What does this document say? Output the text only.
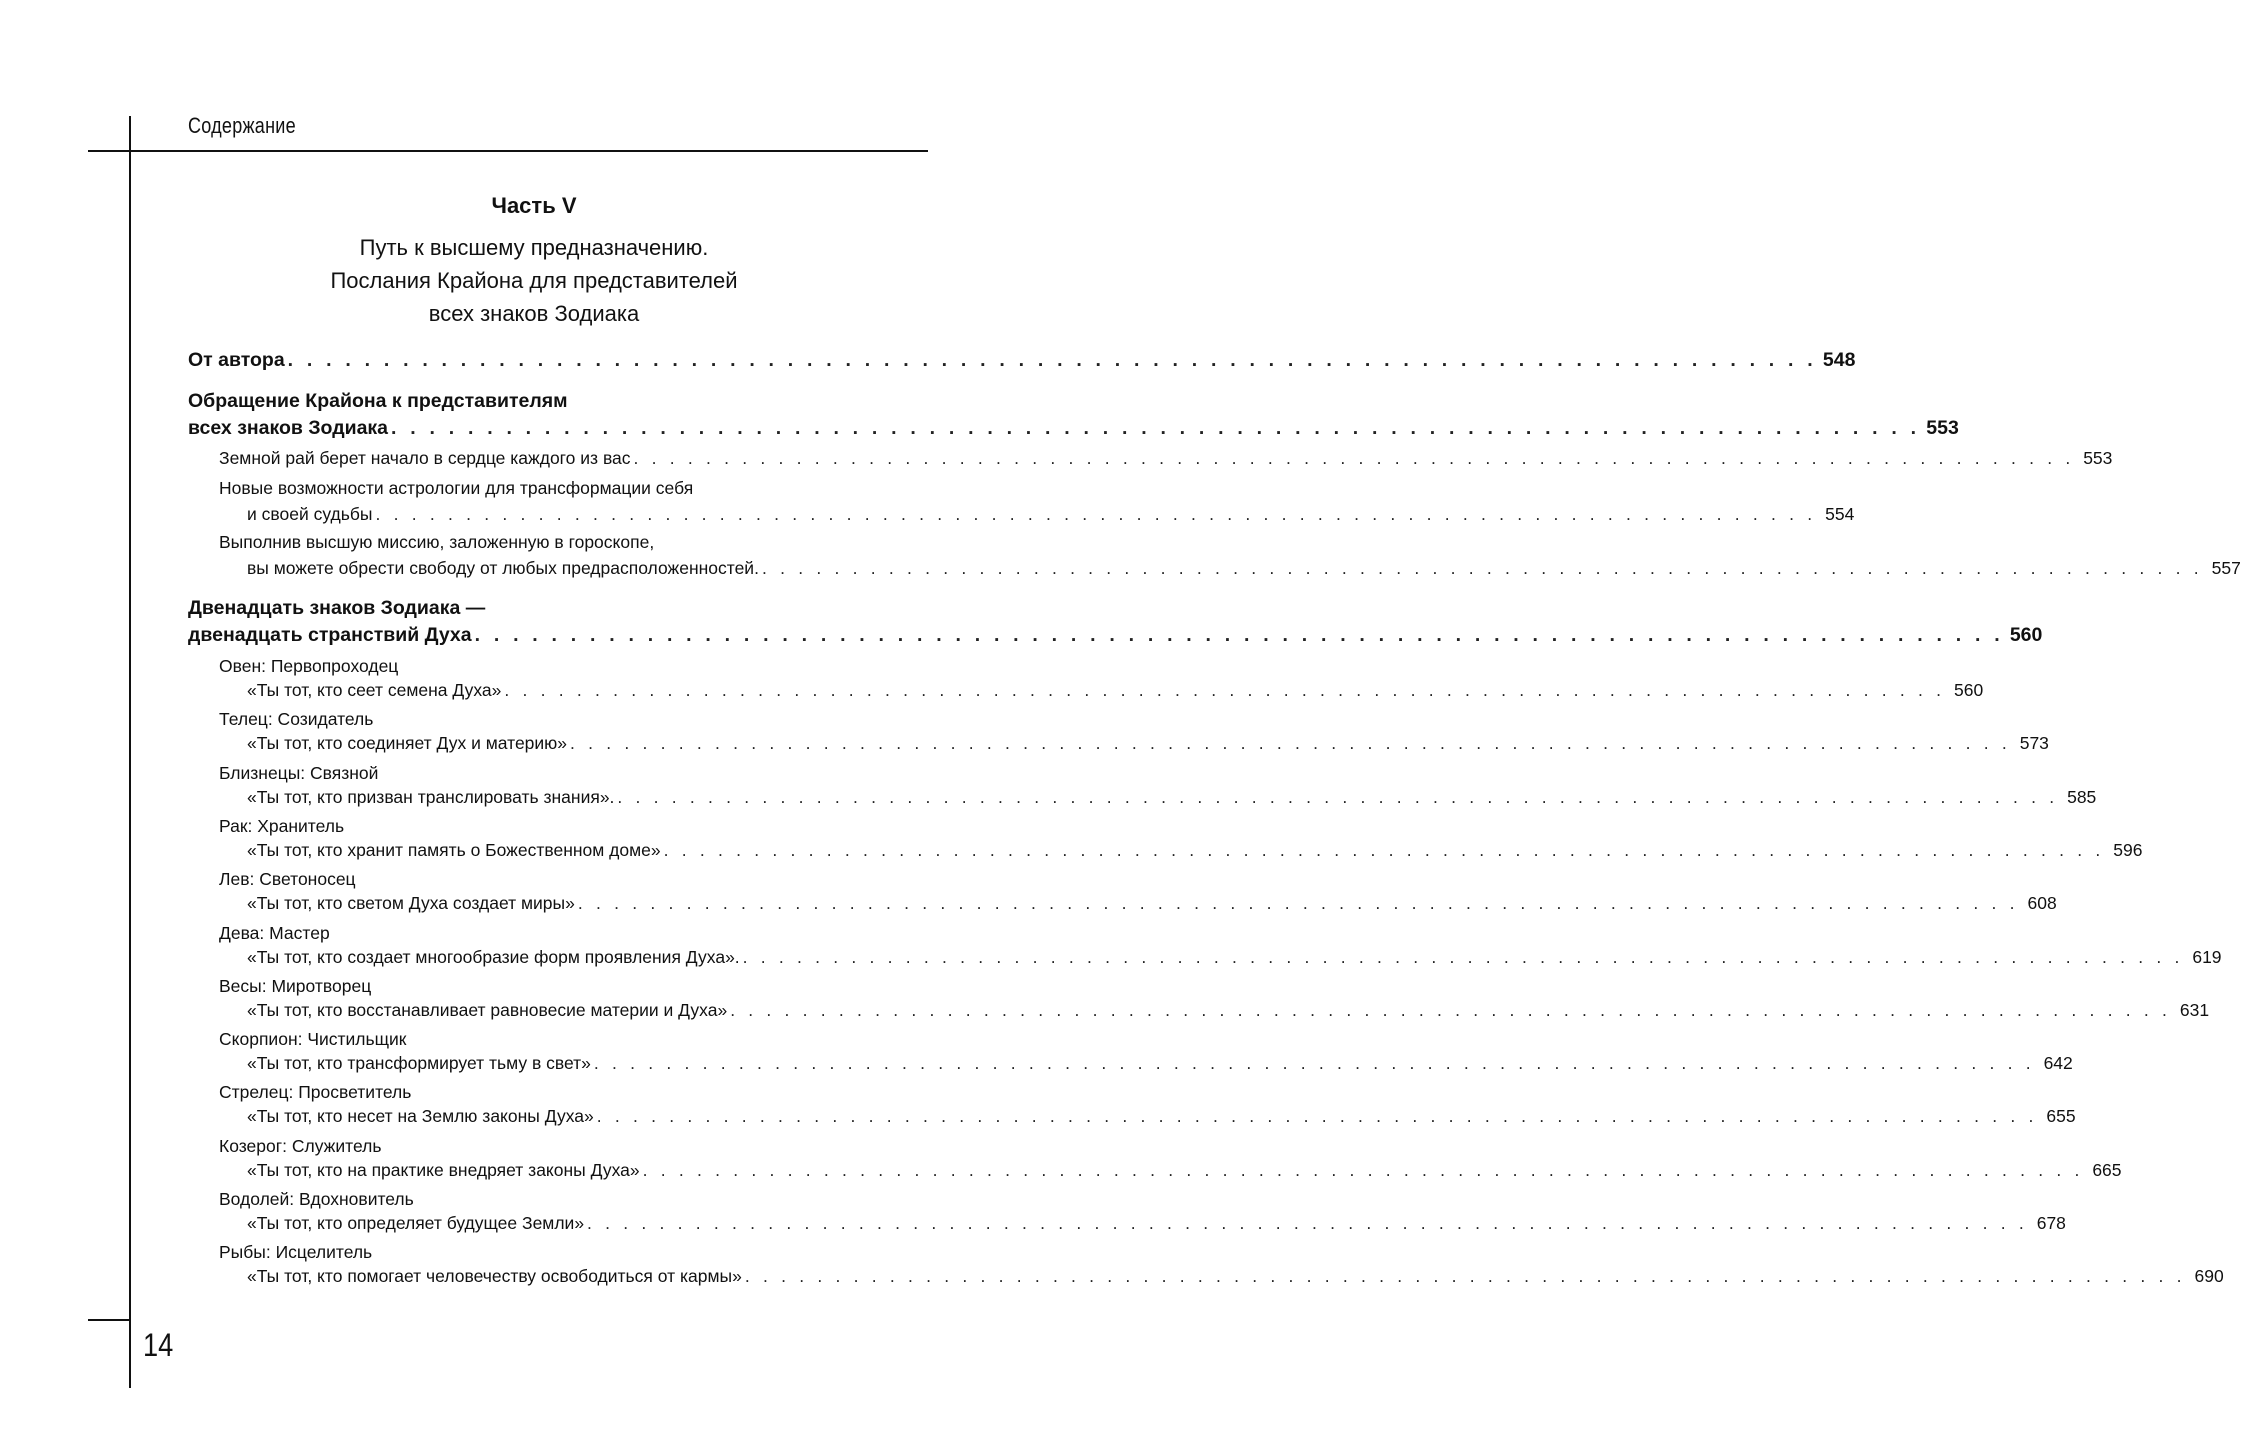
Содержание
Часть V
Путь к высшему предназначению.
Послания Крайона для представителей
всех знаков Зодиака
От автора . . . . . . . . . . . . . . . . . . . . . . . . . . . . . . . . . . . . . . . . . . . . . . . . . . . . . . . . . . . . . . . . . . . . . . . . . . . . . . . . 548
Обращение Крайона к представителям
всех знаков Зодиака . . . . . . . . . . . . . . . . . . . . . . . . . . . . . . . . . . . . . . . . . . . . . . . . . . . . . . . . . . . . . . . . . . . . . . . . . . . . . . . . 553
Земной рай берет начало в сердце каждого из вас . . . . . . . . . . . . . . . . . . . . . . . . . . . . . . . . . . . . . . . . . . . . . . . . . . . . . . . . . . . . . . . . . . . . . . . . . . . . . . . . 553
Новые возможности астрологии для трансформации себя
и своей судьбы . . . . . . . . . . . . . . . . . . . . . . . . . . . . . . . . . . . . . . . . . . . . . . . . . . . . . . . . . . . . . . . . . . . . . . . . . . . . . . . . 554
Выполнив высшую миссию, заложенную в гороскопе,
вы можете обрести свободу от любых предрасположенностей. . . . . . . . . . . . . . . . . . . . . . . . . . . . . . . . . . . . . . . . . . . . . . . . . . . . . . . . . . . . . . . . . . . . . . . . . . . . . . . . . 557
Двенадцать знаков Зодиака —
двенадцать странствий Духа . . . . . . . . . . . . . . . . . . . . . . . . . . . . . . . . . . . . . . . . . . . . . . . . . . . . . . . . . . . . . . . . . . . . . . . . . . . . . . . . 560
Овен: Первопроходец
«Ты тот, кто сеет семена Духа» . . . . . . . . . . . . . . . . . . . . . . . . . . . . . . . . . . . . . . . . . . . . . . . . . . . . . . . . . . . . . . . . . . . . . . . . . . . . . . . . 560
Телец: Созидатель
«Ты тот, кто соединяет Дух и материю» . . . . . . . . . . . . . . . . . . . . . . . . . . . . . . . . . . . . . . . . . . . . . . . . . . . . . . . . . . . . . . . . . . . . . . . . . . . . . . . . 573
Близнецы: Связной
«Ты тот, кто призван транслировать знания». . . . . . . . . . . . . . . . . . . . . . . . . . . . . . . . . . . . . . . . . . . . . . . . . . . . . . . . . . . . . . . . . . . . . . . . . . . . . . . . . 585
Рак: Хранитель
«Ты тот, кто хранит память о Божественном доме» . . . . . . . . . . . . . . . . . . . . . . . . . . . . . . . . . . . . . . . . . . . . . . . . . . . . . . . . . . . . . . . . . . . . . . . . . . . . . . . . 596
Лев: Светоносец
«Ты тот, кто светом Духа создает миры» . . . . . . . . . . . . . . . . . . . . . . . . . . . . . . . . . . . . . . . . . . . . . . . . . . . . . . . . . . . . . . . . . . . . . . . . . . . . . . . . 608
Дева: Мастер
«Ты тот, кто создает многообразие форм проявления Духа». . . . . . . . . . . . . . . . . . . . . . . . . . . . . . . . . . . . . . . . . . . . . . . . . . . . . . . . . . . . . . . . . . . . . . . . . . . . . . . . . 619
Весы: Миротворец
«Ты тот, кто восстанавливает равновесие материи и Духа» . . . . . . . . . . . . . . . . . . . . . . . . . . . . . . . . . . . . . . . . . . . . . . . . . . . . . . . . . . . . . . . . . . . . . . . . . . . . . . . . 631
Скорпион: Чистильщик
«Ты тот, кто трансформирует тьму в свет» . . . . . . . . . . . . . . . . . . . . . . . . . . . . . . . . . . . . . . . . . . . . . . . . . . . . . . . . . . . . . . . . . . . . . . . . . . . . . . . . 642
Стрелец: Просветитель
«Ты тот, кто несет на Землю законы Духа» . . . . . . . . . . . . . . . . . . . . . . . . . . . . . . . . . . . . . . . . . . . . . . . . . . . . . . . . . . . . . . . . . . . . . . . . . . . . . . . . 655
Козерог: Служитель
«Ты тот, кто на практике внедряет законы Духа» . . . . . . . . . . . . . . . . . . . . . . . . . . . . . . . . . . . . . . . . . . . . . . . . . . . . . . . . . . . . . . . . . . . . . . . . . . . . . . . . 665
Водолей: Вдохновитель
«Ты тот, кто определяет будущее Земли» . . . . . . . . . . . . . . . . . . . . . . . . . . . . . . . . . . . . . . . . . . . . . . . . . . . . . . . . . . . . . . . . . . . . . . . . . . . . . . . . 678
Рыбы: Исцелитель
«Ты тот, кто помогает человечеству освободиться от кармы» . . . . . . . . . . . . . . . . . . . . . . . . . . . . . . . . . . . . . . . . . . . . . . . . . . . . . . . . . . . . . . . . . . . . . . . . . . . . . . . . 690
14
